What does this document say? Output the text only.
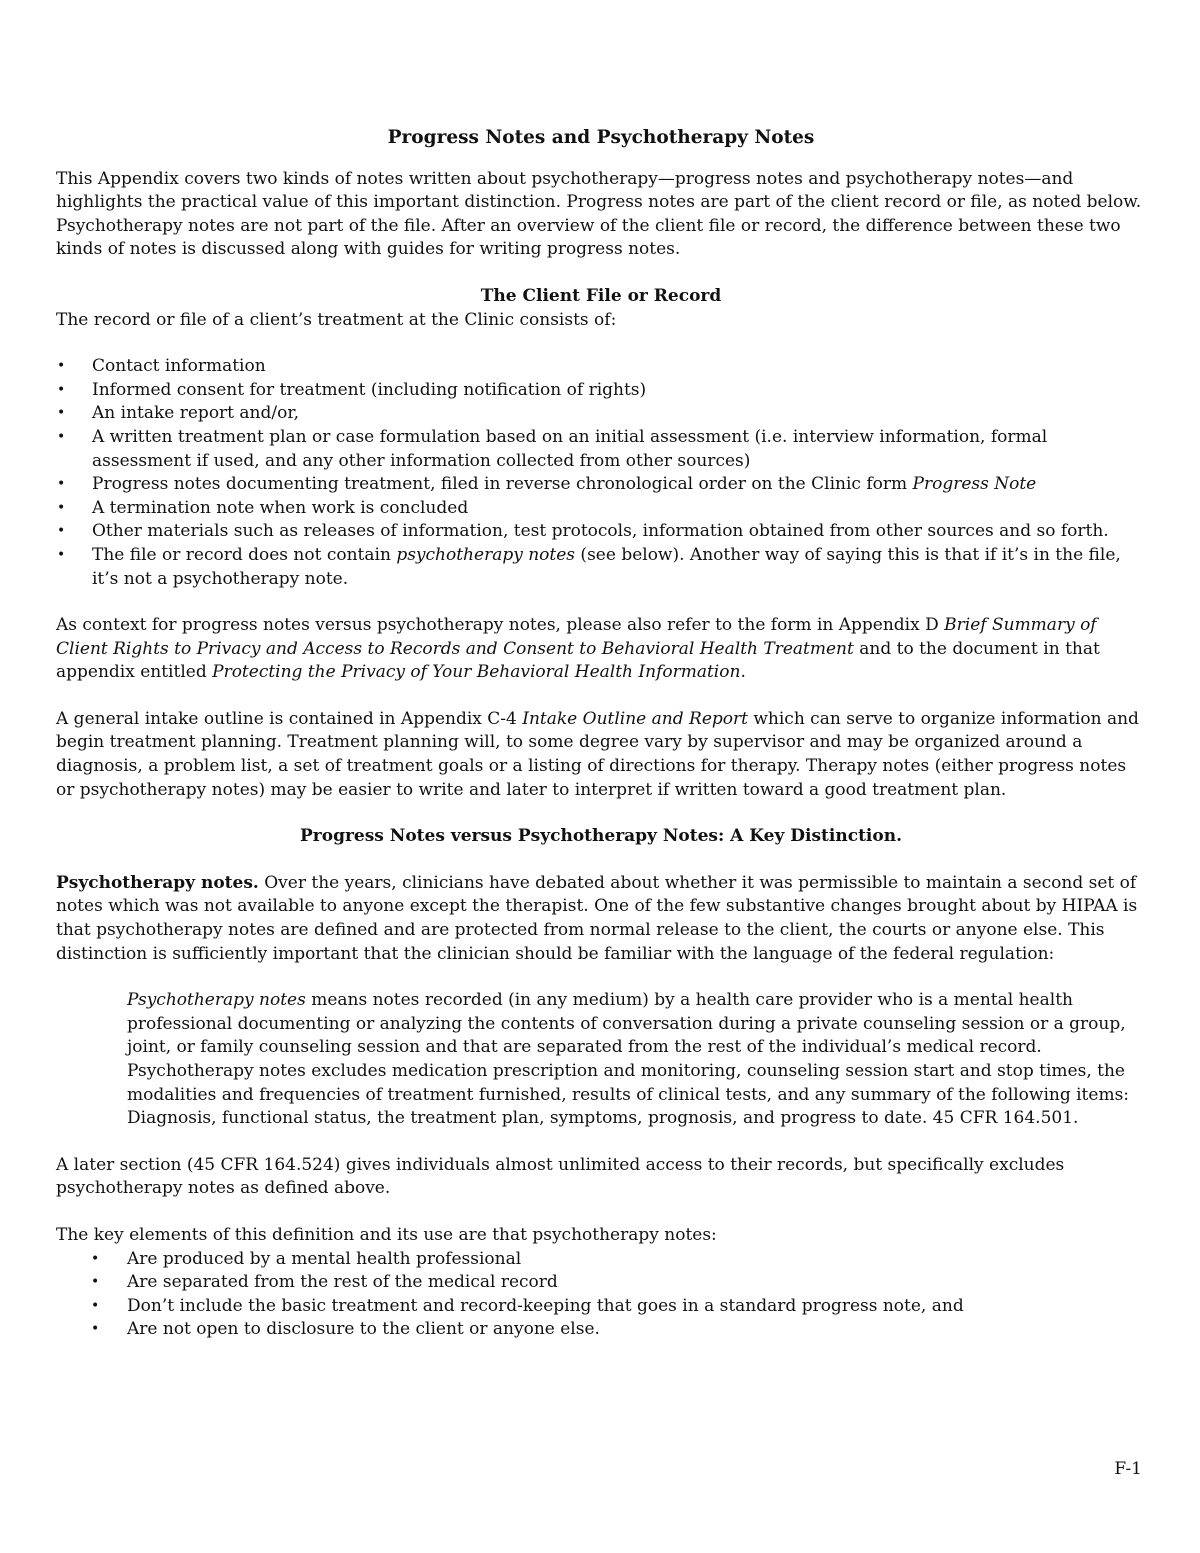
Progress Notes and Psychotherapy Notes

This Appendix covers two kinds of notes written about psychotherapy—progress notes and psychotherapy notes—and highlights the practical value of this important distinction. Progress notes are part of the client record or file, as noted below. Psychotherapy notes are not part of the file. After an overview of the client file or record, the difference between these two kinds of notes is discussed along with guides for writing progress notes.

The Client File or Record

The record or file of a client’s treatment at the Clinic consists of:

• Contact information
• Informed consent for treatment (including notification of rights)
• An intake report and/or,
• A written treatment plan or case formulation based on an initial assessment (i.e. interview information, formal assessment if used, and any other information collected from other sources)
• Progress notes documenting treatment, filed in reverse chronological order on the Clinic form Progress Note
• A termination note when work is concluded
• Other materials such as releases of information, test protocols, information obtained from other sources and so forth.
• The file or record does not contain psychotherapy notes (see below). Another way of saying this is that if it’s in the file, it’s not a psychotherapy note.

As context for progress notes versus psychotherapy notes, please also refer to the form in Appendix D Brief Summary of Client Rights to Privacy and Access to Records and Consent to Behavioral Health Treatment and to the document in that appendix entitled Protecting the Privacy of Your Behavioral Health Information.

A general intake outline is contained in Appendix C-4 Intake Outline and Report which can serve to organize information and begin treatment planning. Treatment planning will, to some degree vary by supervisor and may be organized around a diagnosis, a problem list, a set of treatment goals or a listing of directions for therapy. Therapy notes (either progress notes or psychotherapy notes) may be easier to write and later to interpret if written toward a good treatment plan.

Progress Notes versus Psychotherapy Notes: A Key Distinction.

Psychotherapy notes. Over the years, clinicians have debated about whether it was permissible to maintain a second set of notes which was not available to anyone except the therapist. One of the few substantive changes brought about by HIPAA is that psychotherapy notes are defined and are protected from normal release to the client, the courts or anyone else. This distinction is sufficiently important that the clinician should be familiar with the language of the federal regulation:

Psychotherapy notes means notes recorded (in any medium) by a health care provider who is a mental health professional documenting or analyzing the contents of conversation during a private counseling session or a group, joint, or family counseling session and that are separated from the rest of the individual’s medical record. Psychotherapy notes excludes medication prescription and monitoring, counseling session start and stop times, the modalities and frequencies of treatment furnished, results of clinical tests, and any summary of the following items: Diagnosis, functional status, the treatment plan, symptoms, prognosis, and progress to date. 45 CFR 164.501.

A later section (45 CFR 164.524) gives individuals almost unlimited access to their records, but specifically excludes psychotherapy notes as defined above.

The key elements of this definition and its use are that psychotherapy notes:

• Are produced by a mental health professional
• Are separated from the rest of the medical record
• Don’t include the basic treatment and record-keeping that goes in a standard progress note, and
• Are not open to disclosure to the client or anyone else.
F-1
